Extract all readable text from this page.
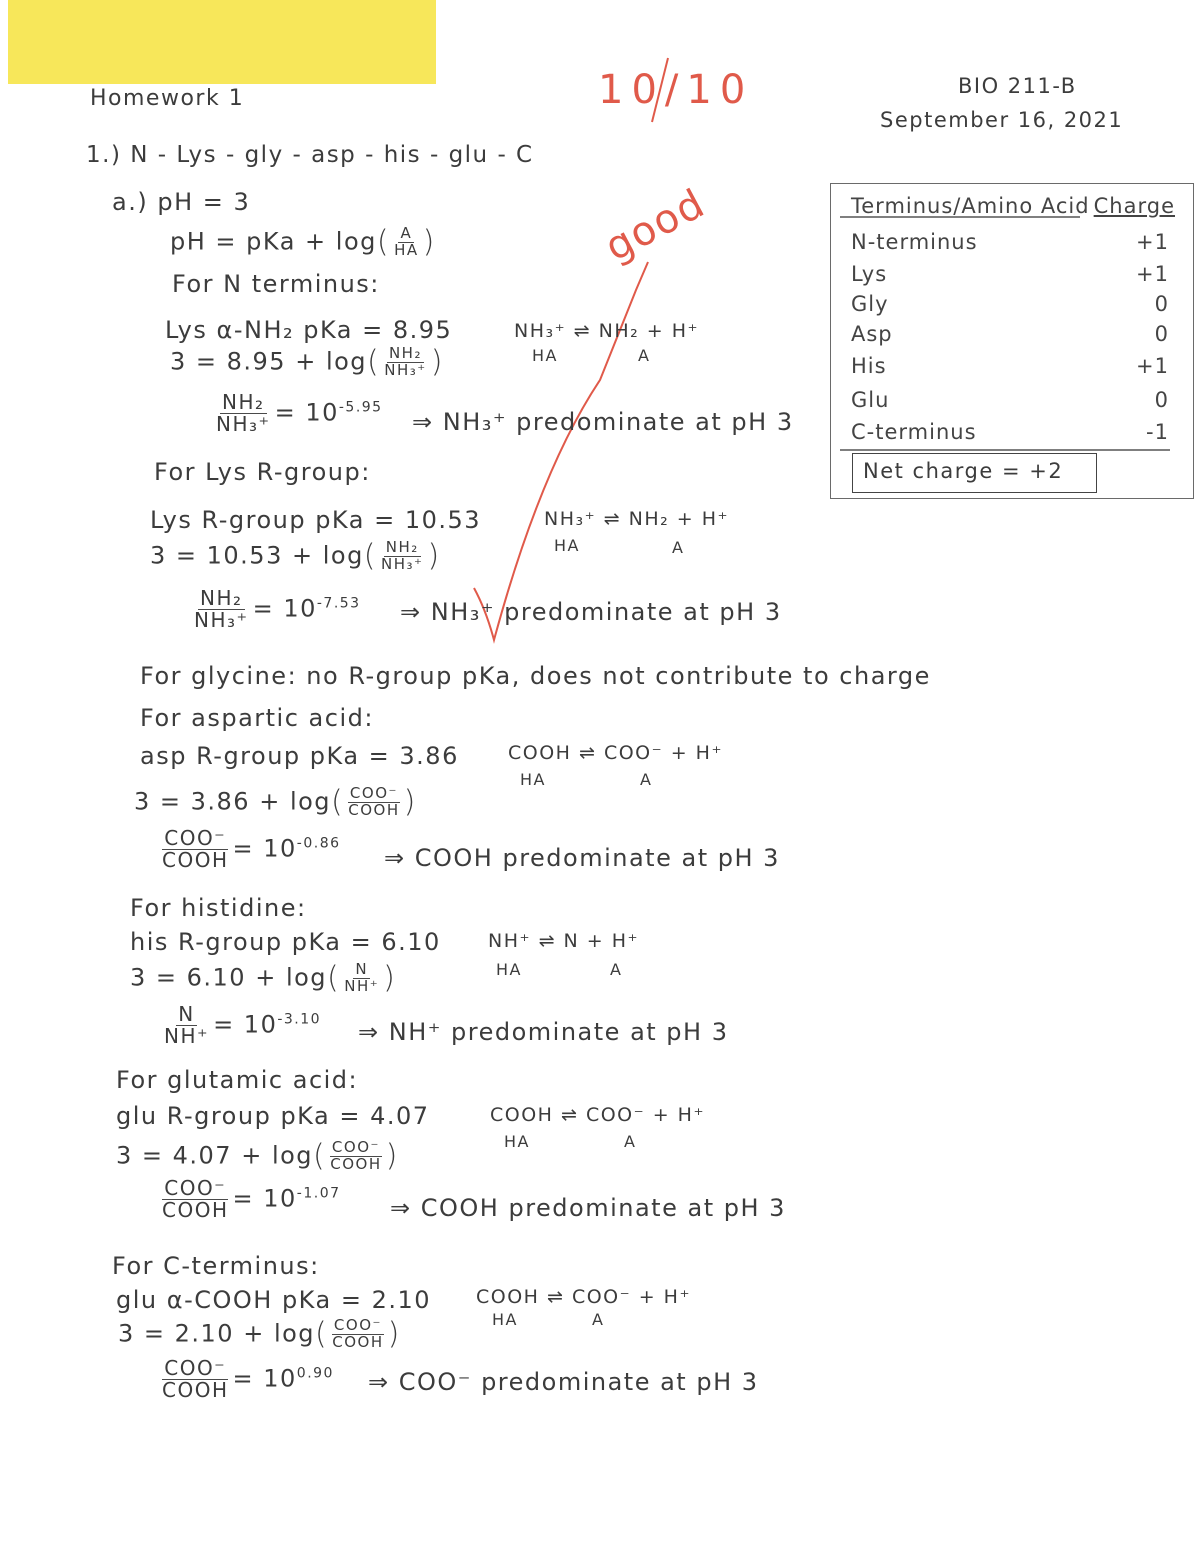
Homework 1	10/10	BIO 211-B
September 16, 2021
1.) N - Lys - gly - asp - his - glu - C
a.) pH = 3
pH = pKa + $\log( \frac{A}{HA}$ )	good
For N terminus:
Lys α-NH₂ pKa = 8.95	NH₃⁺ ⇌ NH₂ + H⁺
HA	A
$3 = 8.95 + \log( \frac{\text{NH₂}}{\text{NH₃⁺}}$ )
$\frac{\text{NH₂}}{\text{NH₃⁺}} = 10^{-5.95}$
⇒ NH₃⁺ predominate at pH 3
For Lys R-group:
Lys R-group pKa = 10.53	NH₃⁺ ⇌ NH₂ + H⁺
HA	A
$3 = 10.53 + \log( \frac{\text{NH₂}}{\text{NH₃⁺}}$ )
$\frac{\text{NH₂}}{\text{NH₃⁺}} = 10^{-7.53}$ ⇒ NH₃⁺ predominate at pH 3
For glycine: no R-group pKa, does not contribute to charge
For aspartic acid:
asp R-group pKa = 3.86	COOH ⇌ COO⁻ + H⁺
HA	A
$3 = 3.86 + \log( \frac{\text{COO⁻}}{\text{COOH}}$ )
$\frac{\text{COO⁻}}{\text{COOH}} = 10^{-0.86}$
⇒ COOH predominate at pH 3
For histidine:
his R-group pKa = 6.10 NH⁺ ⇌ N + H⁺
HA	A
$3 = 6.10 + \log( \frac{N}{NH^+}$ )
$\frac{N}{NH^+} = 10^{-3.10}$ ⇒ NH⁺ predominate at pH 3
For glutamic acid:
glu R-group pKa = 4.07	COOH ⇌ COO⁻ + H⁺
HA	A
$3 = 4.07 + \log( \frac{\text{COO⁻}}{\text{COOH}}$ )
$\frac{\text{COO⁻}}{\text{COOH}} = 10^{-1.07}$
⇒ COOH predominate at pH 3
For C-terminus:
glu α-COOH pKa = 2.10 COOH ⇌ COO⁻ + H⁺
HA	A
$3 = 2.10 + \log( \frac{\text{COO⁻}}{\text{COOH}}$ )
$\frac{\text{COO⁻}}{\text{COOH}} = 10^{0.90}$ ⇒ COO⁻ predominate at pH 3
Terminus/Amino Acid Charge
N-terminus	+1
Lys	+1
Gly	0
Asp	0
His	+1
Glu	0
C-terminus	-1
Net charge = +2
